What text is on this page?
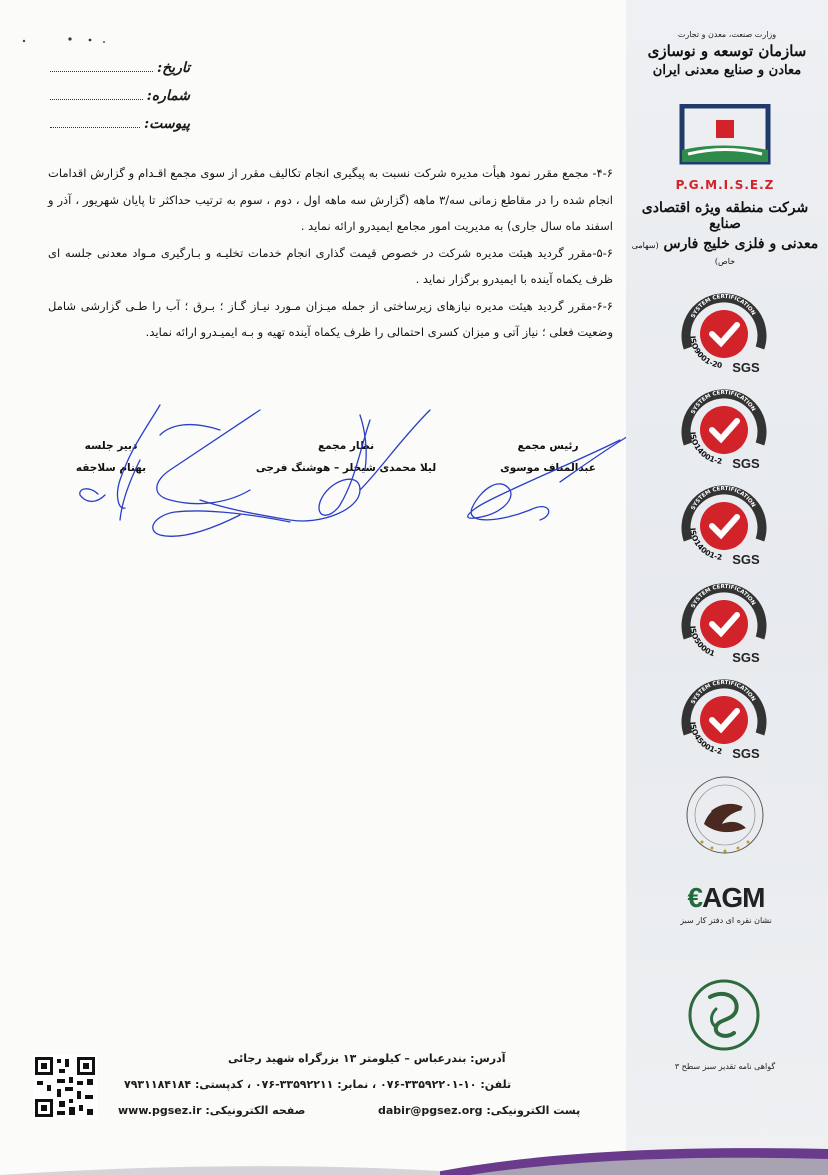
تاریخ:
شماره:
پیوست:

۴-۶- مجمع مقرر نمود هیأت مدیره شرکت نسبت به پیگیری انجام تکالیف مقرر از سوی مجمع اقـدام و گزارش اقدامات انجام شده را در مقاطع زمانی سه/۳ ماهه (گزارش سه ماهه اول ، دوم ، سوم به ترتیب حداکثر تا پایان شهریور ، آذر و اسفند ماه سال جاری) به مدیریت امور مجامع ایمیدرو ارائه نماید .

۵-۶-مقرر گردید هیئت مدیره شرکت در خصوص قیمت گذاری انجام خدمات تخلیـه و بـارگیری مـواد معدنی جلسه ای ظرف یکماه آینده با ایمیدرو برگزار نماید .

۶-۶-مقرر گردید هیئت مدیره نیازهای زیرساختی از جمله میـزان مـورد نیـاز گـاز ؛ بـرق ؛ آب را طـی گزارشی شامل وضعیت فعلی ؛ نیاز آتی و میزان کسری احتمالی را ظرف یکماه آینده تهیه و بـه ایمیـدرو ارائه نماید.

رئیس مجمع
عبدالمناف موسوی
نظار مجمع
لیلا محمدی شیخلر – هوشنگ فرجی
دبیر جلسه
بهنام سلاجقه
وزارت صنعت، معدن و تجارت
سازمان توسعه و نوسازی
معادن و صنایع معدنی ایران
P.G.M.I.S.E.Z
شرکت منطقه ویژه اقتصادی صنایع
معدنی و فلزی خلیج فارس (سهامی خاص)
SYSTEM CERTIFICATION
ISO9001-20 SGS
SYSTEM CERTIFICATION
ISO14001-2 SGS
SYSTEM CERTIFICATION
ISO14001-2 SGS
SYSTEM CERTIFICATION
ISO50001 SGS
SYSTEM CERTIFICATION
ISO45001-2 SGS
€AGM
نشان نقره ای دفتر کار سبز
گواهی نامه تقدیر سبز سطح ۳
آدرس: بندرعباس – کیلومتر ۱۳ بزرگراه شهید رجائی
تلفن: ۱۰-۳۳۵۹۲۲۰۱-۰۷۶ ، نمابر: ۳۳۵۹۲۲۱۱-۰۷۶ ، کدپستی: ۷۹۳۱۱۸۴۱۸۴
پست الکترونیکی: dabir@pgsez.org
صفحه الکترونیکی: www.pgsez.ir
